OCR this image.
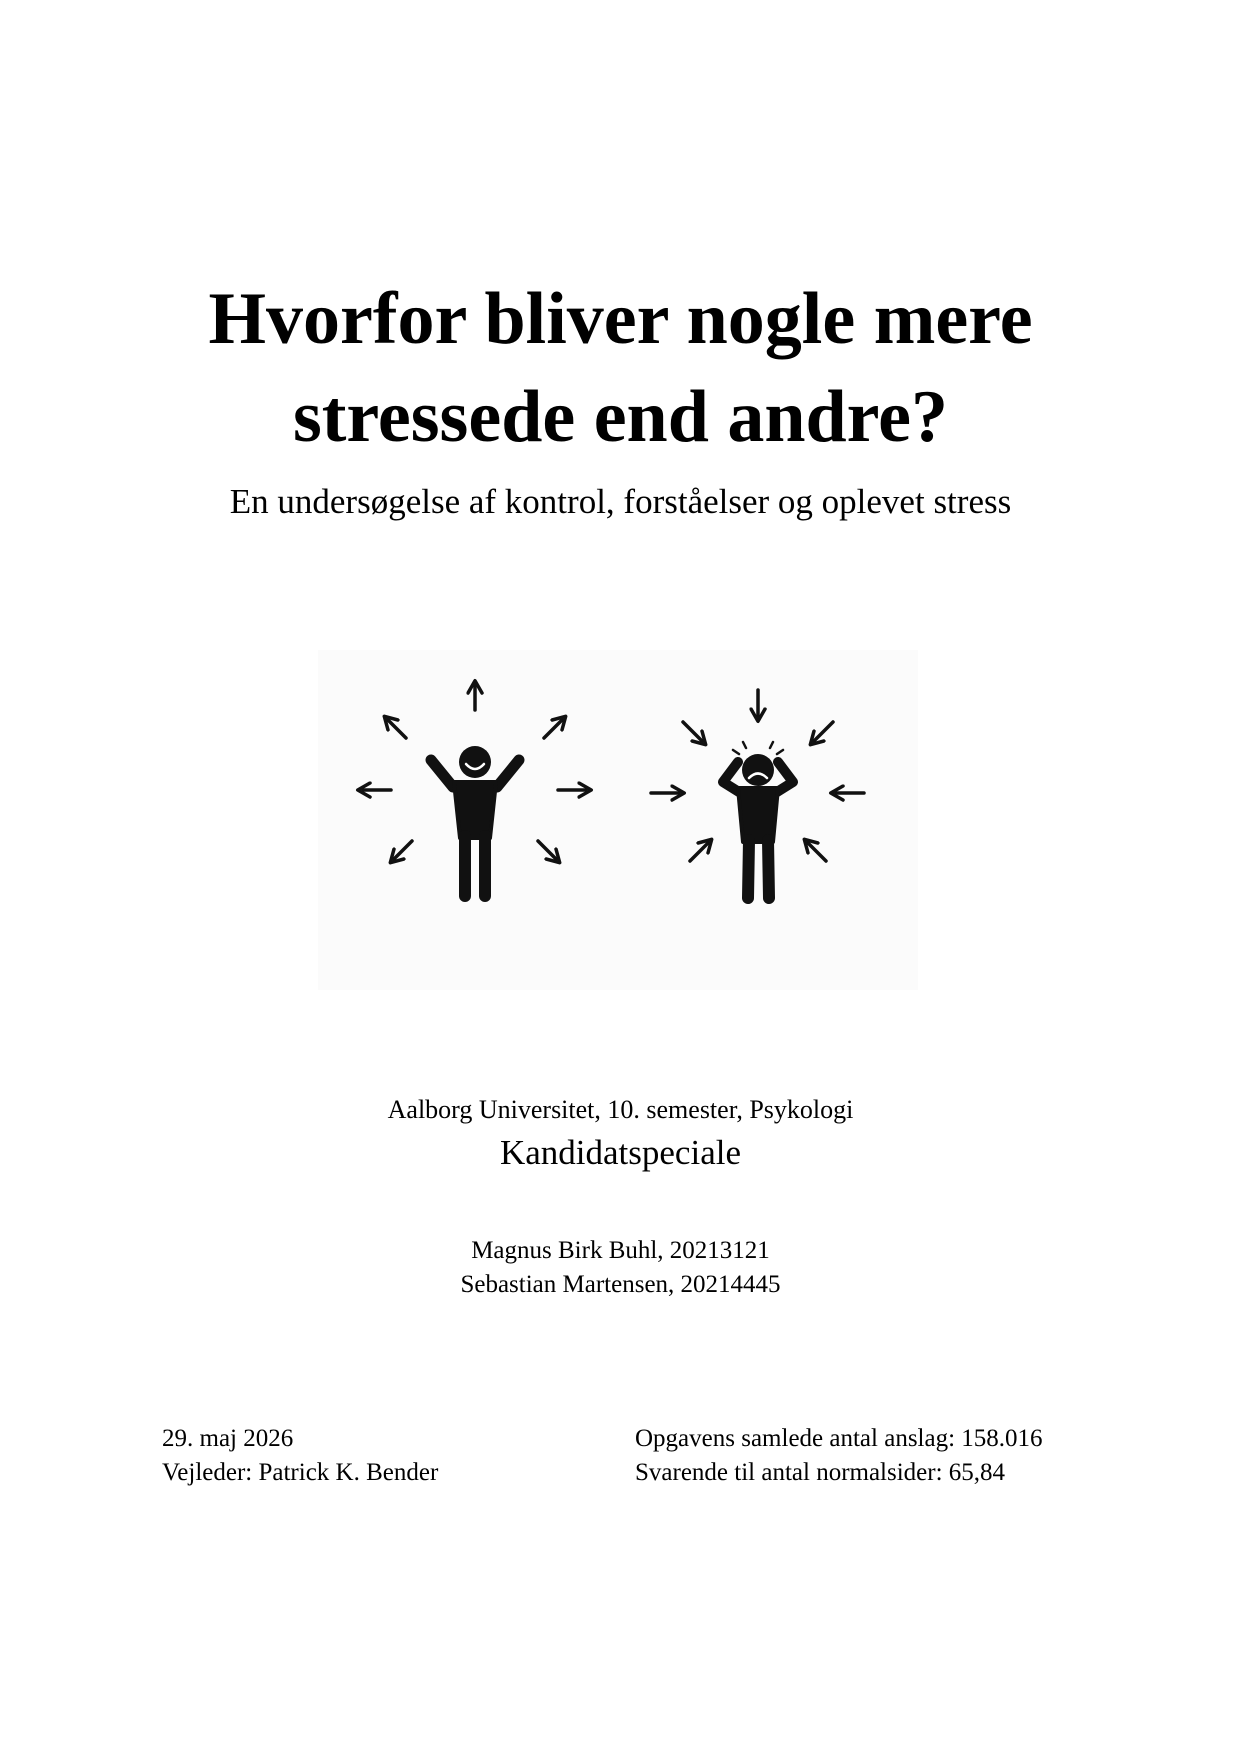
Hvorfor bliver nogle mere
stressede end andre?
En undersøgelse af kontrol, forståelser og oplevet stress
Aalborg Universitet, 10. semester, Psykologi
Kandidatspeciale
Magnus Birk Buhl, 20213121
Sebastian Martensen, 20214445
29. maj 2026
Vejleder: Patrick K. Bender
Opgavens samlede antal anslag: 158.016
Svarende til antal normalsider: 65,84
